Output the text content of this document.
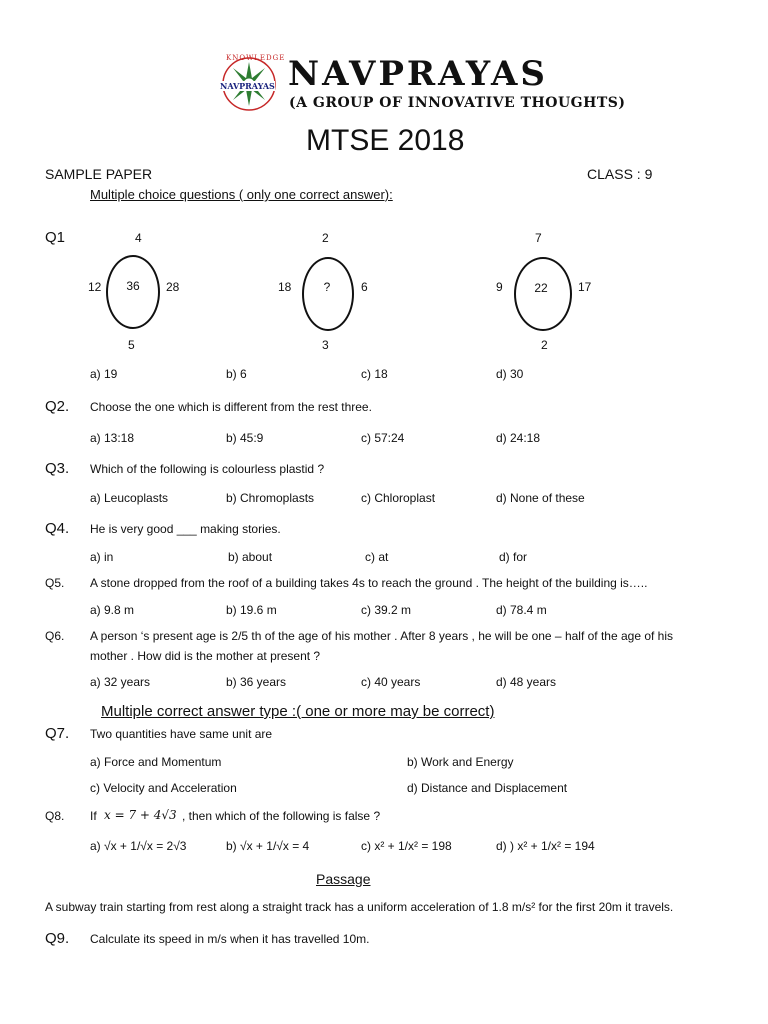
KNOWLEDGE
NAVPRAYAS NAVPRAYAS
(A GROUP OF INNOVATIVE THOUGHTS)
MTSE 2018
SAMPLE PAPER	CLASS : 9
Multiple choice questions ( only one correct answer):
Q1	4
12	36	28
5
2
18	?	6
3
7
9	22	17
2
a) 19	b) 6	c) 18	d) 30
Q2. Choose the one which is different from the rest three.
a) 13:18	b) 45:9	c) 57:24	d) 24:18
Q3. Which of the following is colourless plastid ?
a) Leucoplasts	b) Chromoplasts	c) Chloroplast	d) None of these
Q4. He is very good ___ making stories.
a) in	b) about	c) at	d) for
Q5. A stone dropped from the roof of a building takes 4s to reach the ground . The height of the building is…..
a) 9.8 m	b) 19.6 m	c) 39.2 m	d) 78.4 m
Q6. A person ‘s present age is 2/5 th of the age of his mother . After 8 years , he will be one – half of the age of his
mother . How did is the mother at present ?
a) 32 years	b) 36 years	c) 40 years	d) 48 years
Multiple correct answer type :( one or more may be correct)
Q7. Two quantities have same unit are
a) Force and Momentum	b) Work and Energy
c) Velocity and Acceleration	d) Distance and Displacement
Q8. If x = 7 + 4√3 , then which of the following is false ?
a) √x + 1/√x = 2√3	b) √x + 1/√x = 4	c) x² + 1/x² = 198	d) ) x² + 1/x² = 194
Passage
A subway train starting from rest along a straight track has a uniform acceleration of 1.8 m/s² for the first 20m it travels.
Q9. Calculate its speed in m/s when it has travelled 10m.
